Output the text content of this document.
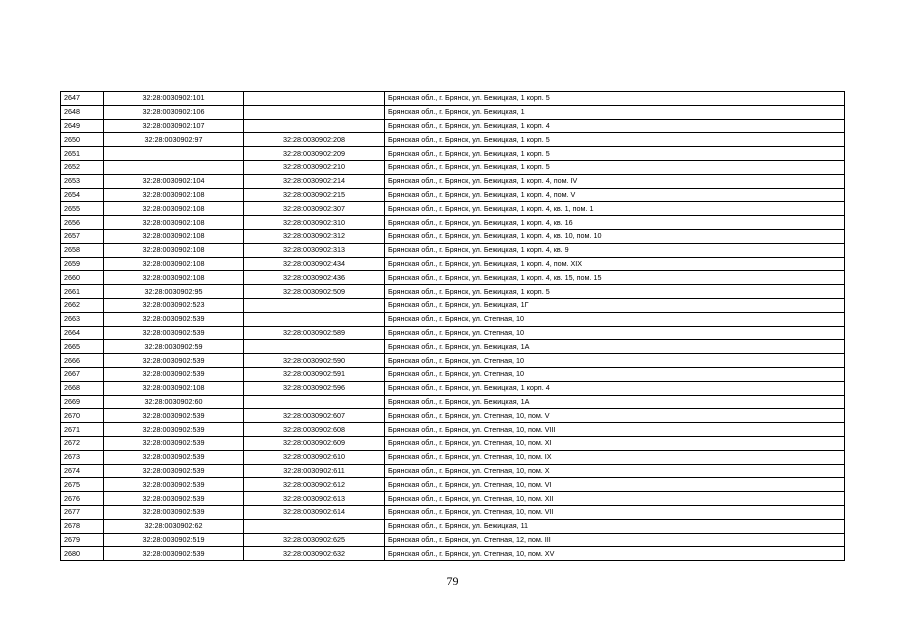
2647	32:28:0030902:101		Брянская обл., г. Брянск, ул. Бежицкая, 1 корп. 5
2648	32:28:0030902:106		Брянская обл., г. Брянск, ул. Бежицкая, 1
2649	32:28:0030902:107		Брянская обл., г. Брянск, ул. Бежицкая, 1 корп. 4
2650	32:28:0030902:97	32:28:0030902:208	Брянская обл., г. Брянск, ул. Бежицкая, 1 корп. 5
2651		32:28:0030902:209	Брянская обл., г. Брянск, ул. Бежицкая, 1 корп. 5
2652		32:28:0030902:210	Брянская обл., г. Брянск, ул. Бежицкая, 1 корп. 5
2653	32:28:0030902:104	32:28:0030902:214	Брянская обл., г. Брянск, ул. Бежицкая, 1 корп. 4, пом. IV
2654	32:28:0030902:108	32:28:0030902:215	Брянская обл., г. Брянск, ул. Бежицкая, 1 корп. 4, пом. V
2655	32:28:0030902:108	32:28:0030902:307	Брянская обл., г. Брянск, ул. Бежицкая, 1 корп. 4, кв. 1, пом. 1
2656	32:28:0030902:108	32:28:0030902:310	Брянская обл., г. Брянск, ул. Бежицкая, 1 корп. 4, кв. 16
2657	32:28:0030902:108	32:28:0030902:312	Брянская обл., г. Брянск, ул. Бежицкая, 1 корп. 4, кв. 10, пом. 10
2658	32:28:0030902:108	32:28:0030902:313	Брянская обл., г. Брянск, ул. Бежицкая, 1 корп. 4, кв. 9
2659	32:28:0030902:108	32:28:0030902:434	Брянская обл., г. Брянск, ул. Бежицкая, 1 корп. 4, пом. XIX
2660	32:28:0030902:108	32:28:0030902:436	Брянская обл., г. Брянск, ул. Бежицкая, 1 корп. 4, кв. 15, пом. 15
2661	32:28:0030902:95	32:28:0030902:509	Брянская обл., г. Брянск, ул. Бежицкая, 1 корп. 5
2662	32:28:0030902:523		Брянская обл., г. Брянск, ул. Бежицкая, 1Г
2663	32:28:0030902:539		Брянская обл., г. Брянск, ул. Степная, 10
2664	32:28:0030902:539	32:28:0030902:589	Брянская обл., г. Брянск, ул. Степная, 10
2665	32:28:0030902:59		Брянская обл., г. Брянск, ул. Бежицкая, 1А
2666	32:28:0030902:539	32:28:0030902:590	Брянская обл., г. Брянск, ул. Степная, 10
2667	32:28:0030902:539	32:28:0030902:591	Брянская обл., г. Брянск, ул. Степная, 10
2668	32:28:0030902:108	32:28:0030902:596	Брянская обл., г. Брянск, ул. Бежицкая, 1 корп. 4
2669	32:28:0030902:60		Брянская обл., г. Брянск, ул. Бежицкая, 1А
2670	32:28:0030902:539	32:28:0030902:607	Брянская обл., г. Брянск, ул. Степная, 10, пом. V
2671	32:28:0030902:539	32:28:0030902:608	Брянская обл., г. Брянск, ул. Степная, 10, пом. VIII
2672	32:28:0030902:539	32:28:0030902:609	Брянская обл., г. Брянск, ул. Степная, 10, пом. XI
2673	32:28:0030902:539	32:28:0030902:610	Брянская обл., г. Брянск, ул. Степная, 10, пом. IX
2674	32:28:0030902:539	32:28:0030902:611	Брянская обл., г. Брянск, ул. Степная, 10, пом. X
2675	32:28:0030902:539	32:28:0030902:612	Брянская обл., г. Брянск, ул. Степная, 10, пом. VI
2676	32:28:0030902:539	32:28:0030902:613	Брянская обл., г. Брянск, ул. Степная, 10, пом. XII
2677	32:28:0030902:539	32:28:0030902:614	Брянская обл., г. Брянск, ул. Степная, 10, пом. VII
2678	32:28:0030902:62		Брянская обл., г. Брянск, ул. Бежицкая, 11
2679	32:28:0030902:519	32:28:0030902:625	Брянская обл., г. Брянск, ул. Степная, 12, пом. III
2680	32:28:0030902:539	32:28:0030902:632	Брянская обл., г. Брянск, ул. Степная, 10, пом. XV
79
